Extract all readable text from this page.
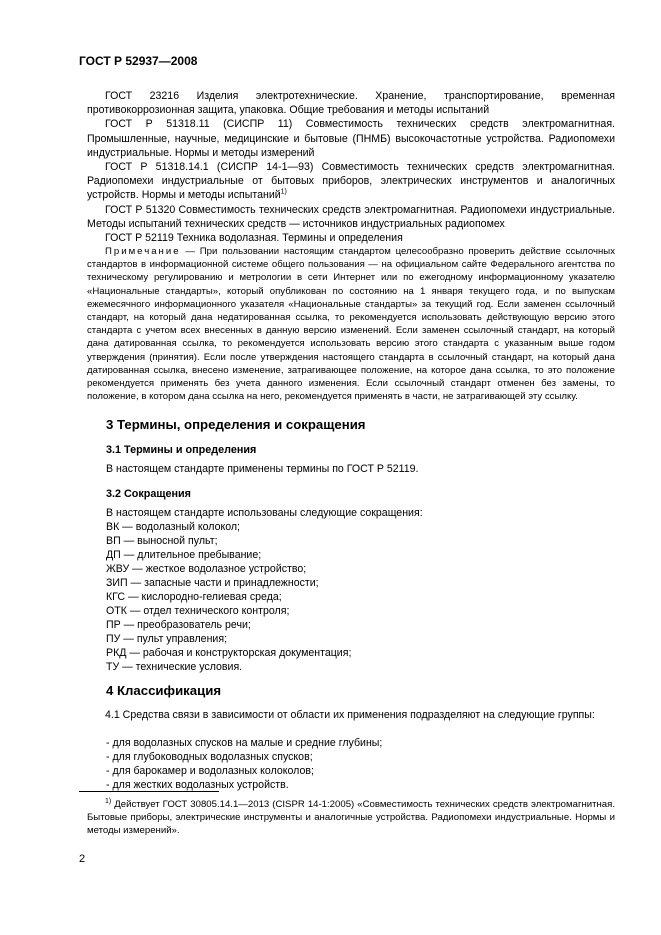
ГОСТ Р 52937—2008

ГОСТ 23216 Изделия электротехнические. Хранение, транспортирование, временная противокоррозионная защита, упаковка. Общие требования и методы испытаний

ГОСТ Р 51318.11 (СИСПР 11) Совместимость технических средств электромагнитная. Промышленные, научные, медицинские и бытовые (ПНМБ) высокочастотные устройства. Радиопомехи индустриальные. Нормы и методы измерений

ГОСТ Р 51318.14.1 (СИСПР 14-1—93) Совместимость технических средств электромагнитная. Радиопомехи индустриальные от бытовых приборов, электрических инструментов и аналогичных устройств. Нормы и методы испытаний$^{1)}$

ГОСТ Р 51320 Совместимость технических средств электромагнитная. Радиопомехи индустриальные. Методы испытаний технических средств — источников индустриальных радиопомех

ГОСТ Р 52119 Техника водолазная. Термины и определения

Примечание — При пользовании настоящим стандартом целесообразно проверить действие ссылочных стандартов в информационной системе общего пользования — на официальном сайте Федерального агентства по техническому регулированию и метрологии в сети Интернет или по ежегодному информационному указателю «Национальные стандарты», который опубликован по состоянию на 1 января текущего года, и по выпускам ежемесячного информационного указателя «Национальные стандарты» за текущий год. Если заменен ссылочный стандарт, на который дана недатированная ссылка, то рекомендуется использовать действующую версию этого стандарта с учетом всех внесенных в данную версию изменений. Если заменен ссылочный стандарт, на который дана датированная ссылка, то рекомендуется использовать версию этого стандарта с указанным выше годом утверждения (принятия). Если после утверждения настоящего стандарта в ссылочный стандарт, на который дана датированная ссылка, внесено изменение, затрагивающее положение, на которое дана ссылка, то это положение рекомендуется применять без учета данного изменения. Если ссылочный стандарт отменен без замены, то положение, в котором дана ссылка на него, рекомендуется применять в части, не затрагивающей эту ссылку.

3 Термины, определения и сокращения
3.1 Термины и определения
В настоящем стандарте применены термины по ГОСТ Р 52119.
3.2 Сокращения
В настоящем стандарте использованы следующие сокращения:
ВК — водолазный колокол;
ВП — выносной пульт;
ДП — длительное пребывание;
ЖВУ — жесткое водолазное устройство;
ЗИП — запасные части и принадлежности;
КГС — кислородно-гелиевая среда;
ОТК — отдел технического контроля;
ПР — преобразователь речи;
ПУ — пульт управления;
РКД — рабочая и конструкторская документация;
ТУ — технические условия.
4 Классификация

4.1 Средства связи в зависимости от области их применения подразделяют на следующие группы:

- для водолазных спусков на малые и средние глубины;
- для глубоководных водолазных спусков;
- для барокамер и водолазных колоколов;
- для жестких водолазных устройств.

$^{1)}$ Действует ГОСТ 30805.14.1—2013 (CISPR 14-1:2005) «Совместимость технических средств электромагнитная. Бытовые приборы, электрические инструменты и аналогичные устройства. Радиопомехи индустриальные. Нормы и методы измерений».

2
